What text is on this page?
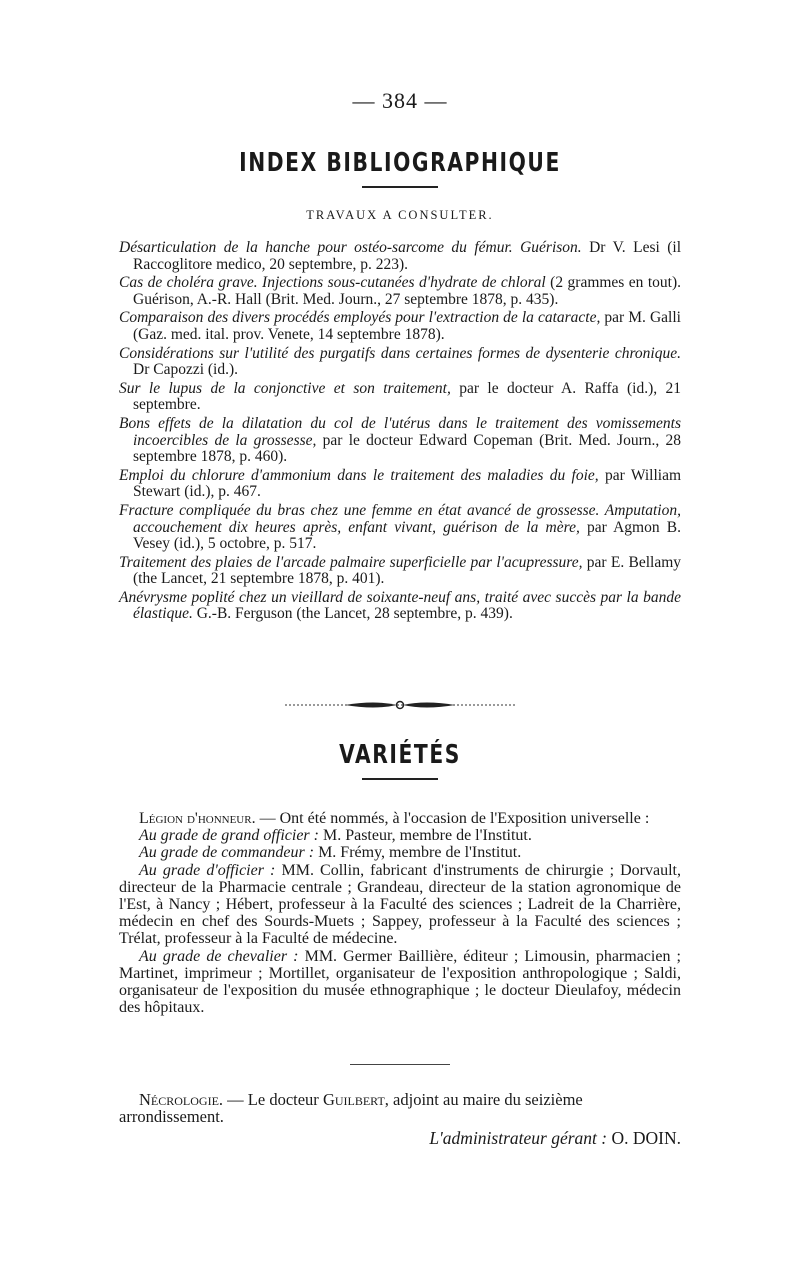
— 384 —
INDEX BIBLIOGRAPHIQUE
TRAVAUX A CONSULTER.

Désarticulation de la hanche pour ostéo-sarcome du fémur. Guérison. Dr V. Lesi (il Raccoglitore medico, 20 septembre, p. 223).

Cas de choléra grave. Injections sous-cutanées d'hydrate de chloral (2 grammes en tout). Guérison, A.-R. Hall (Brit. Med. Journ., 27 septembre 1878, p. 435).

Comparaison des divers procédés employés pour l'extraction de la cataracte, par M. Galli (Gaz. med. ital. prov. Venete, 14 septembre 1878).

Considérations sur l'utilité des purgatifs dans certaines formes de dysenterie chronique. Dr Capozzi (id.).

Sur le lupus de la conjonctive et son traitement, par le docteur A. Raffa (id.), 21 septembre.

Bons effets de la dilatation du col de l'utérus dans le traitement des vomissements incoercibles de la grossesse, par le docteur Edward Copeman (Brit. Med. Journ., 28 septembre 1878, p. 460).

Emploi du chlorure d'ammonium dans le traitement des maladies du foie, par William Stewart (id.), p. 467.

Fracture compliquée du bras chez une femme en état avancé de grossesse. Amputation, accouchement dix heures après, enfant vivant, guérison de la mère, par Agmon B. Vesey (id.), 5 octobre, p. 517.

Traitement des plaies de l'arcade palmaire superficielle par l'acupressure, par E. Bellamy (the Lancet, 21 septembre 1878, p. 401).

Anévrysme poplité chez un vieillard de soixante-neuf ans, traité avec succès par la bande élastique. G.-B. Ferguson (the Lancet, 28 septembre, p. 439).

VARIÉTÉS

Légion d'honneur. — Ont été nommés, à l'occasion de l'Exposition universelle :

Au grade de grand officier : M. Pasteur, membre de l'Institut.

Au grade de commandeur : M. Frémy, membre de l'Institut.

Au grade d'officier : MM. Collin, fabricant d'instruments de chirurgie ; Dorvault, directeur de la Pharmacie centrale ; Grandeau, directeur de la station agronomique de l'Est, à Nancy ; Hébert, professeur à la Faculté des sciences ; Ladreit de la Charrière, médecin en chef des Sourds-Muets ; Sappey, professeur à la Faculté des sciences ; Trélat, professeur à la Faculté de médecine.

Au grade de chevalier : MM. Germer Baillière, éditeur ; Limousin, pharmacien ; Martinet, imprimeur ; Mortillet, organisateur de l'exposition anthropologique ; Saldi, organisateur de l'exposition du musée ethnographique ; le docteur Dieulafoy, médecin des hôpitaux.

Nécrologie. — Le docteur Guilbert, adjoint au maire du seizième arrondissement.

L'administrateur gérant : O. DOIN.
